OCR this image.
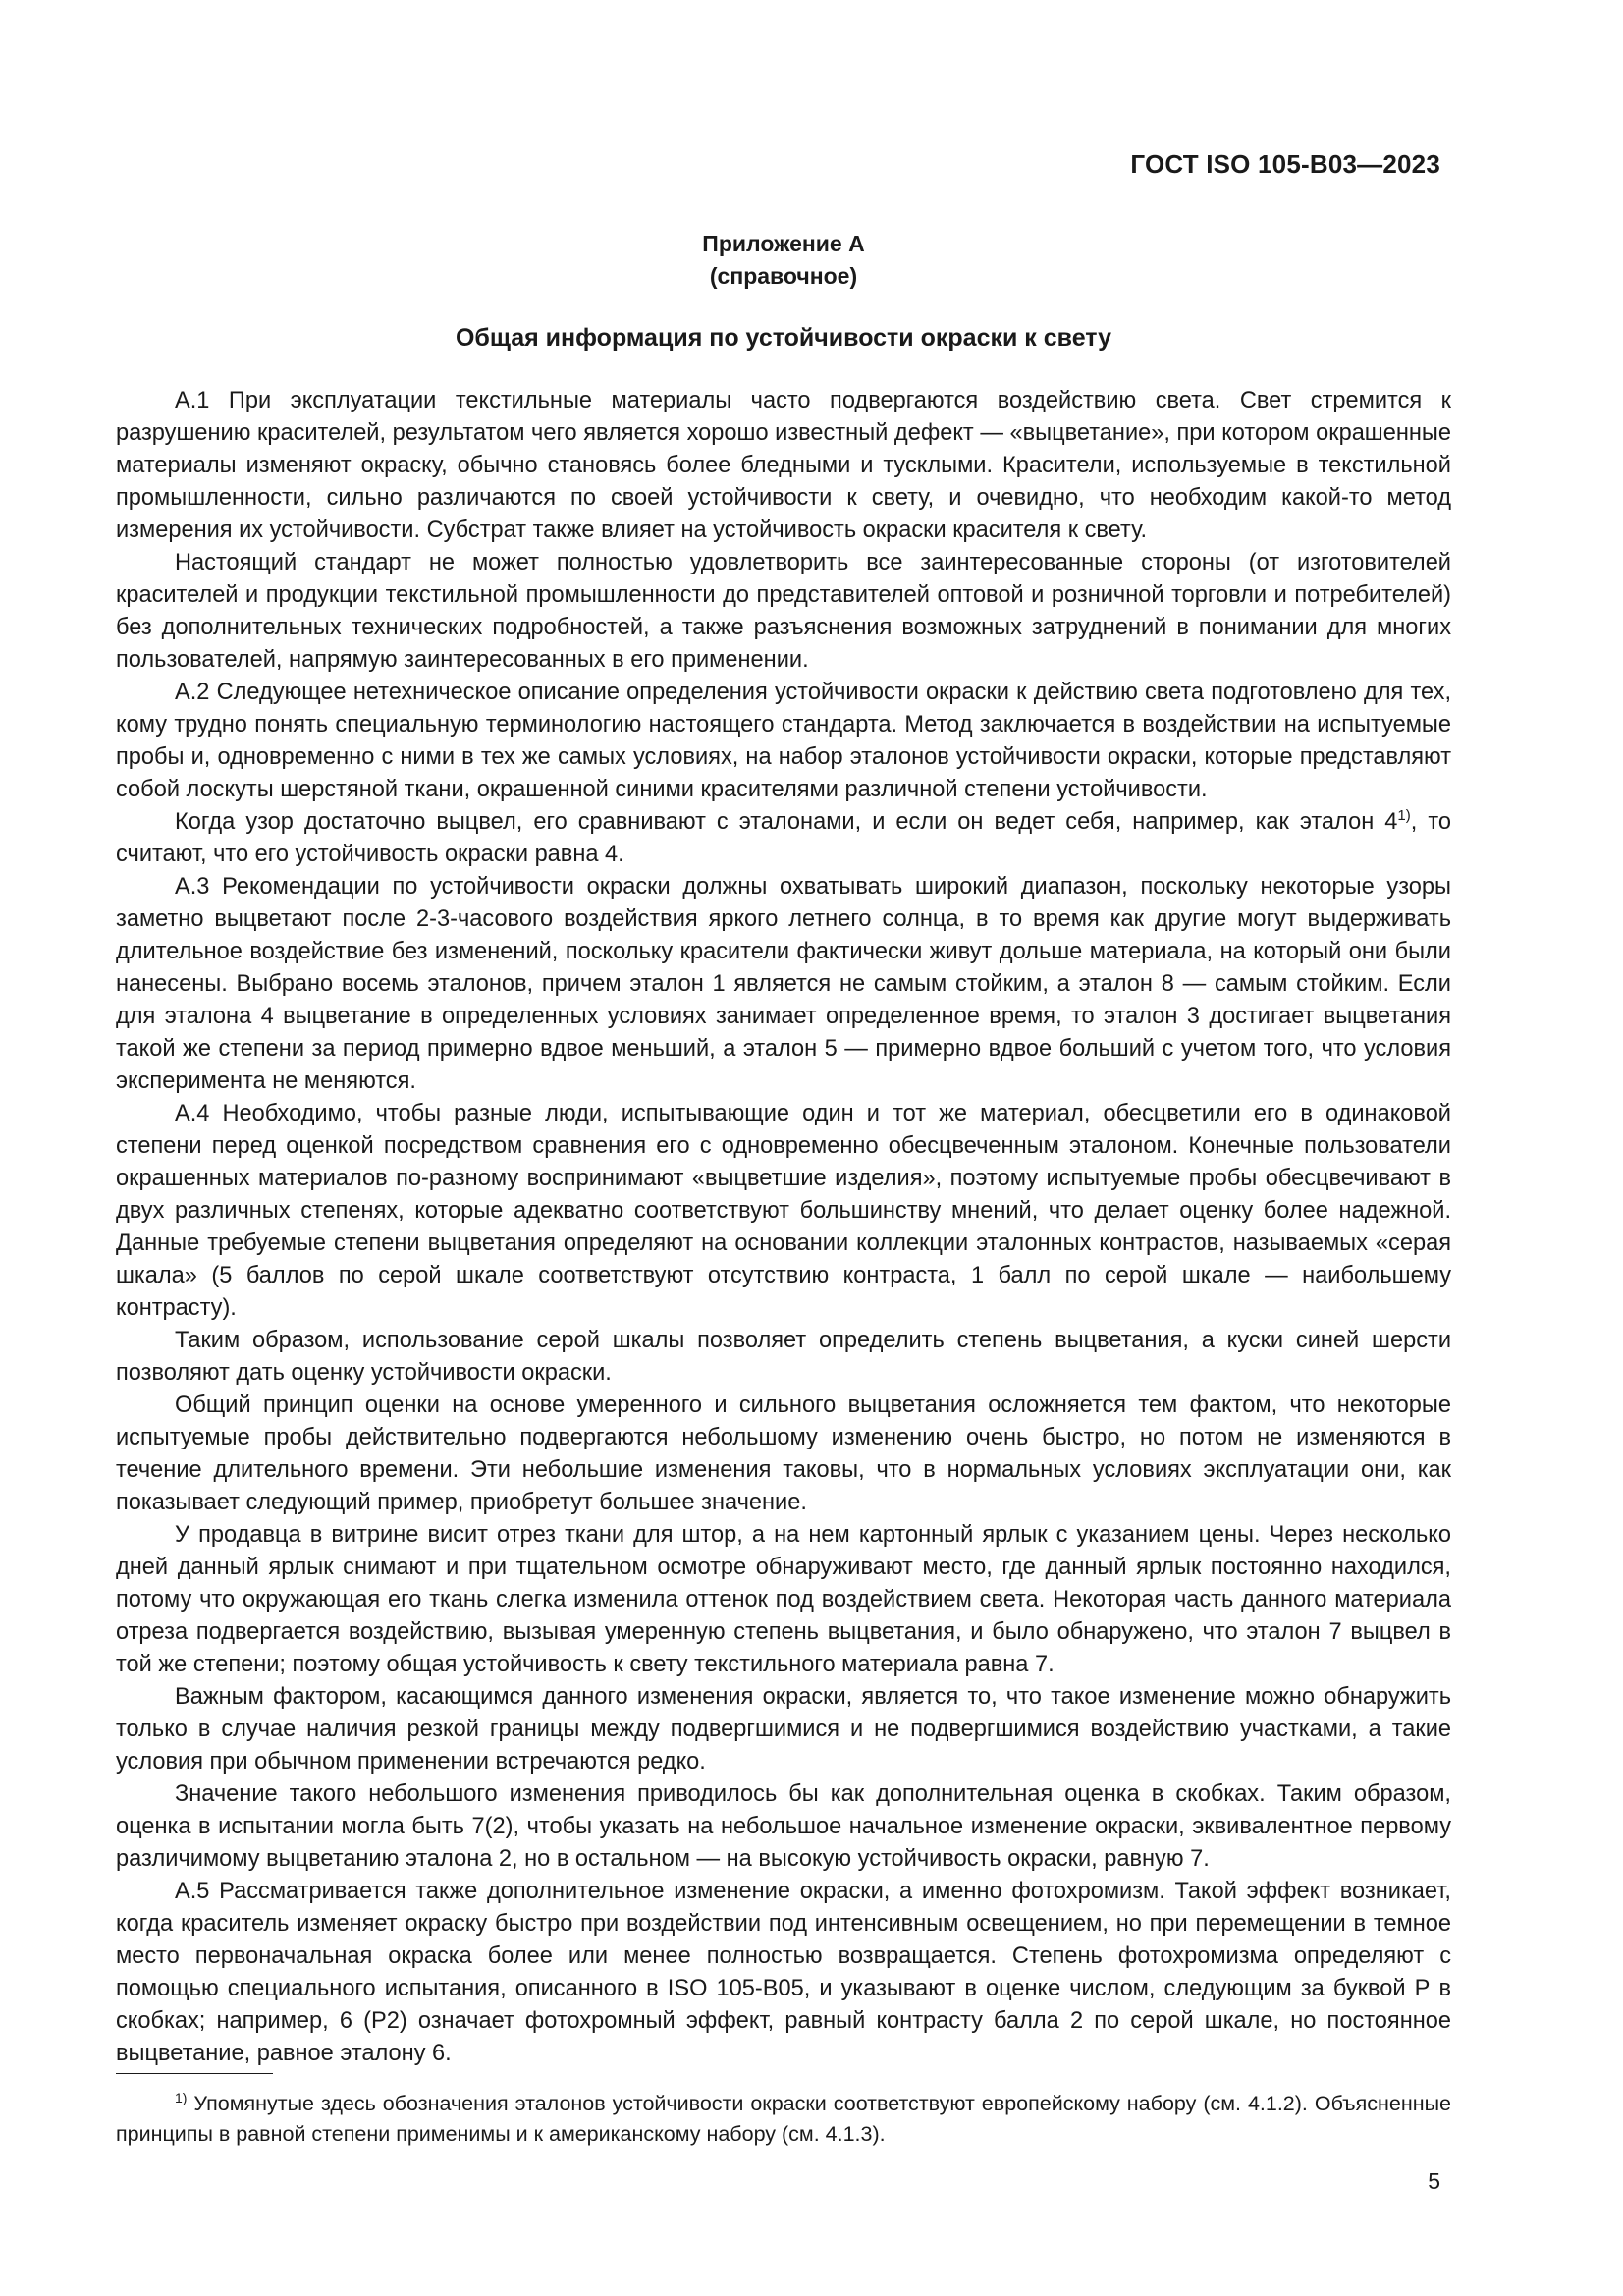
ГОСТ ISO 105-B03—2023
Приложение А
(справочное)
Общая информация по устойчивости окраски к свету

А.1 При эксплуатации текстильные материалы часто подвергаются воздействию света. Свет стремится к разрушению красителей, результатом чего является хорошо известный дефект — «выцветание», при котором окрашенные материалы изменяют окраску, обычно становясь более бледными и тусклыми. Красители, используемые в текстильной промышленности, сильно различаются по своей устойчивости к свету, и очевидно, что необходим какой-то метод измерения их устойчивости. Субстрат также влияет на устойчивость окраски красителя к свету.

Настоящий стандарт не может полностью удовлетворить все заинтересованные стороны (от изготовителей красителей и продукции текстильной промышленности до представителей оптовой и розничной торговли и потребителей) без дополнительных технических подробностей, а также разъяснения возможных затруднений в понимании для многих пользователей, напрямую заинтересованных в его применении.

А.2 Следующее нетехническое описание определения устойчивости окраски к действию света подготовлено для тех, кому трудно понять специальную терминологию настоящего стандарта. Метод заключается в воздействии на испытуемые пробы и, одновременно с ними в тех же самых условиях, на набор эталонов устойчивости окраски, которые представляют собой лоскуты шерстяной ткани, окрашенной синими красителями различной степени устойчивости.

Когда узор достаточно выцвел, его сравнивают с эталонами, и если он ведет себя, например, как эталон 4$^{1)}$, то считают, что его устойчивость окраски равна 4.

А.3 Рекомендации по устойчивости окраски должны охватывать широкий диапазон, поскольку некоторые узоры заметно выцветают после 2-3-часового воздействия яркого летнего солнца, в то время как другие могут выдерживать длительное воздействие без изменений, поскольку красители фактически живут дольше материала, на который они были нанесены. Выбрано восемь эталонов, причем эталон 1 является не самым стойким, а эталон 8 — самым стойким. Если для эталона 4 выцветание в определенных условиях занимает определенное время, то эталон 3 достигает выцветания такой же степени за период примерно вдвое меньший, а эталон 5 — примерно вдвое больший с учетом того, что условия эксперимента не меняются.

А.4 Необходимо, чтобы разные люди, испытывающие один и тот же материал, обесцветили его в одинаковой степени перед оценкой посредством сравнения его с одновременно обесцвеченным эталоном. Конечные пользователи окрашенных материалов по-разному воспринимают «выцветшие изделия», поэтому испытуемые пробы обесцвечивают в двух различных степенях, которые адекватно соответствуют большинству мнений, что делает оценку более надежной. Данные требуемые степени выцветания определяют на основании коллекции эталонных контрастов, называемых «серая шкала» (5 баллов по серой шкале соответствуют отсутствию контраста, 1 балл по серой шкале — наибольшему контрасту).

Таким образом, использование серой шкалы позволяет определить степень выцветания, а куски синей шерсти позволяют дать оценку устойчивости окраски.

Общий принцип оценки на основе умеренного и сильного выцветания осложняется тем фактом, что некоторые испытуемые пробы действительно подвергаются небольшому изменению очень быстро, но потом не изменяются в течение длительного времени. Эти небольшие изменения таковы, что в нормальных условиях эксплуатации они, как показывает следующий пример, приобретут большее значение.

У продавца в витрине висит отрез ткани для штор, а на нем картонный ярлык с указанием цены. Через несколько дней данный ярлык снимают и при тщательном осмотре обнаруживают место, где данный ярлык постоянно находился, потому что окружающая его ткань слегка изменила оттенок под воздействием света. Некоторая часть данного материала отреза подвергается воздействию, вызывая умеренную степень выцветания, и было обнаружено, что эталон 7 выцвел в той же степени; поэтому общая устойчивость к свету текстильного материала равна 7.

Важным фактором, касающимся данного изменения окраски, является то, что такое изменение можно обнаружить только в случае наличия резкой границы между подвергшимися и не подвергшимися воздействию участками, а такие условия при обычном применении встречаются редко.

Значение такого небольшого изменения приводилось бы как дополнительная оценка в скобках. Таким образом, оценка в испытании могла быть 7(2), чтобы указать на небольшое начальное изменение окраски, эквивалентное первому различимому выцветанию эталона 2, но в остальном — на высокую устойчивость окраски, равную 7.

А.5 Рассматривается также дополнительное изменение окраски, а именно фотохромизм. Такой эффект возникает, когда краситель изменяет окраску быстро при воздействии под интенсивным освещением, но при перемещении в темное место первоначальная окраска более или менее полностью возвращается. Степень фотохромизма определяют с помощью специального испытания, описанного в ISO 105-B05, и указывают в оценке числом, следующим за буквой Р в скобках; например, 6 (Р2) означает фотохромный эффект, равный контрасту балла 2 по серой шкале, но постоянное выцветание, равное эталону 6.

$^{1)}$ Упомянутые здесь обозначения эталонов устойчивости окраски соответствуют европейскому набору (см. 4.1.2). Объясненные принципы в равной степени применимы и к американскому набору (см. 4.1.3).

5
